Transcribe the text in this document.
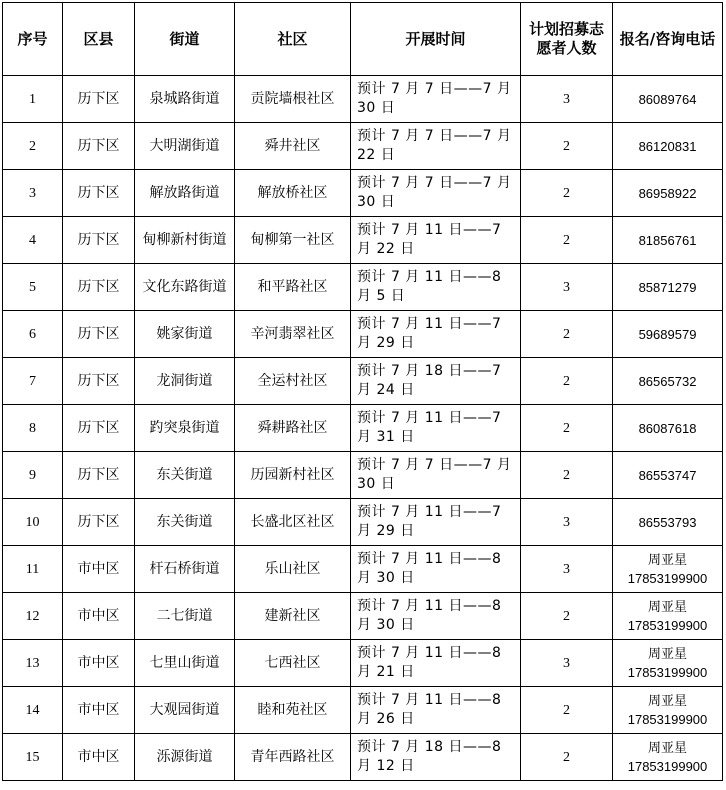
序号	区县	街道	社区	开展时间	计划招募志愿者人数	报名/咨询电话
1	历下区	泉城路街道	贡院墙根社区	预计 7 月 7 日——7 月 30 日	3	86089764

2	历下区	大明湖街道	舜井社区	预计 7 月 7 日——7 月 22 日	2	86120831

3	历下区	解放路街道	解放桥社区	预计 7 月 7 日——7 月 30 日	2	86958922

4	历下区	甸柳新村街道	甸柳第一社区	预计 7 月 11 日——7 月 22 日	2	81856761

5	历下区	文化东路街道	和平路社区	预计 7 月 11 日——8 月 5 日	3	85871279

6	历下区	姚家街道	辛河翡翠社区	预计 7 月 11 日——7 月 29 日	2	59689579

7	历下区	龙洞街道	全运村社区	预计 7 月 18 日——7 月 24 日	2	86565732

8	历下区	趵突泉街道	舜耕路社区	预计 7 月 11 日——7 月 31 日	2	86087618

9	历下区	东关街道	历园新村社区	预计 7 月 7 日——7 月 30 日	2	86553747

10	历下区	东关街道	长盛北区社区	预计 7 月 11 日——7 月 29 日	3	86553793

11	市中区	杆石桥街道	乐山社区	预计 7 月 11 日——8 月 30 日	3	周亚星
17853199900

12	市中区	二七街道	建新社区	预计 7 月 11 日——8 月 30 日	2	周亚星
17853199900

13	市中区	七里山街道	七西社区	预计 7 月 11 日——8 月 21 日	3	周亚星
17853199900

14	市中区	大观园街道	睦和苑社区	预计 7 月 11 日——8 月 26 日	2	周亚星
17853199900

15	市中区	泺源街道	青年西路社区	预计 7 月 18 日——8 月 12 日	2	周亚星
17853199900
